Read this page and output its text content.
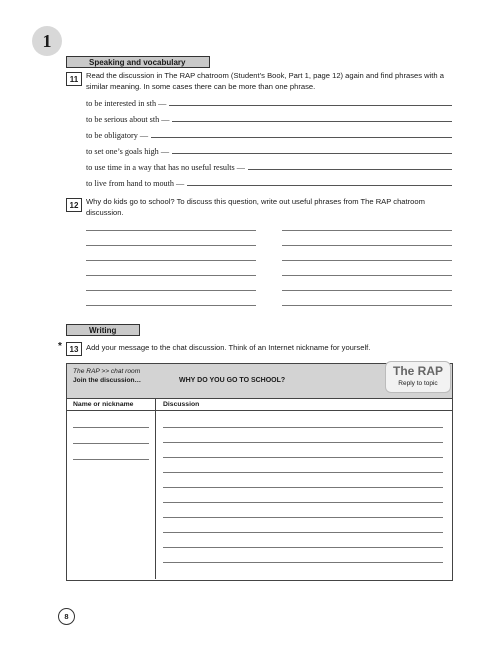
1
Speaking and vocabulary
11	Read the discussion in The RAP chatroom (Student’s Book, Part 1, page 12) again and find phrases with a similar meaning. In some cases there can be more than one phrase.
to be interested in sth —
to be serious about sth —
to be obligatory —
to set one’s goals high —
to use time in a way that has no useful results —
to live from hand to mouth —
12 Why do kids go to school? To discuss this question, write out useful phrases from The RAP chatroom discussion.
Writing
* 13 Add your message to the chat discussion. Think of an Internet nickname for yourself.
The RAP >> chat room
Join the discussion…	WHY DO YOU GO TO SCHOOL?
The RAP
Reply to topic
Name or nickname	Discussion
8
